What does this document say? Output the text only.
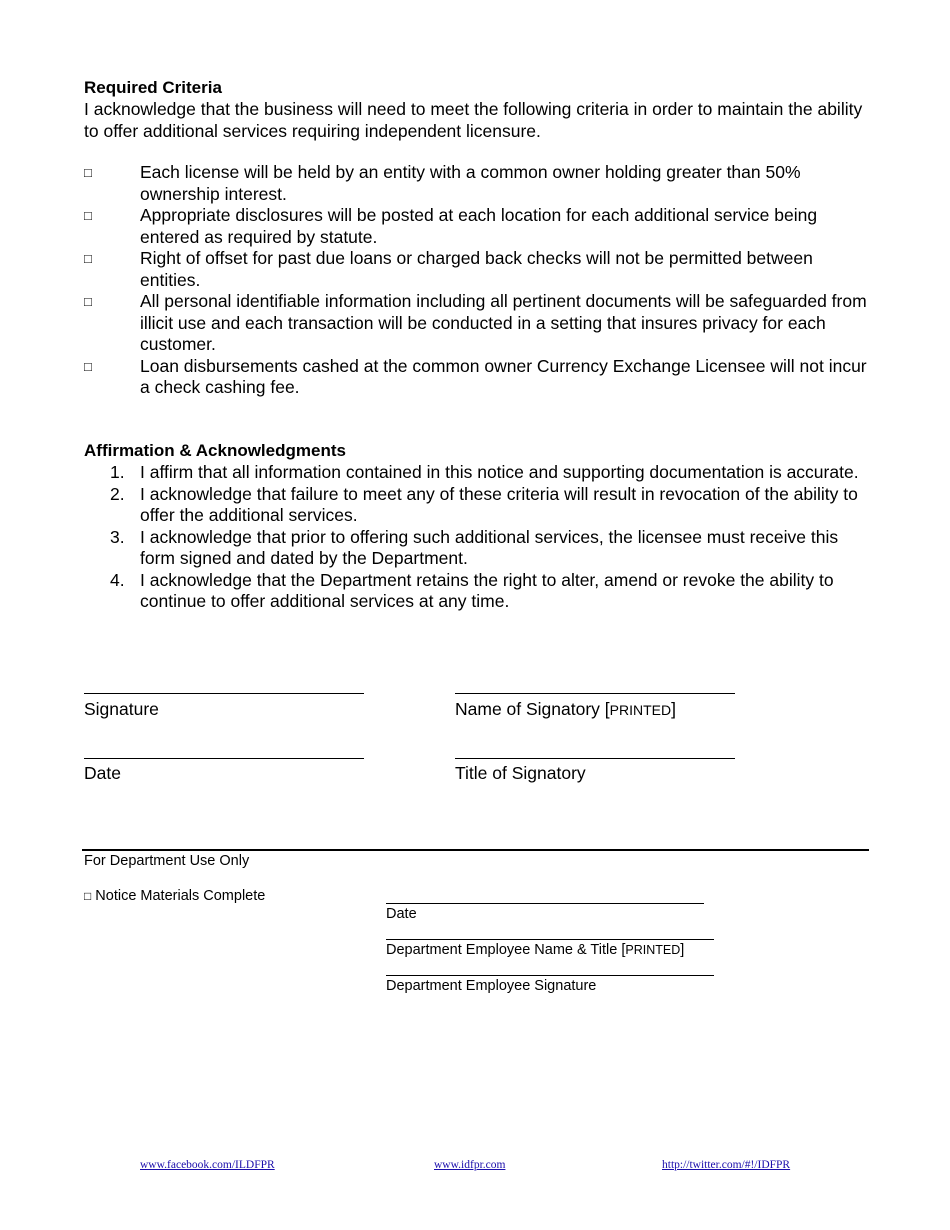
Required Criteria
I acknowledge that the business will need to meet the following criteria in order to maintain the ability to offer additional services requiring independent licensure.
□	Each license will be held by an entity with a common owner holding greater than 50% ownership interest.
□	Appropriate disclosures will be posted at each location for each additional service being entered as required by statute.
□	Right of offset for past due loans or charged back checks will not be permitted between entities.
□	All personal identifiable information including all pertinent documents will be safeguarded from illicit use and each transaction will be conducted in a setting that insures privacy for each customer.
□	Loan disbursements cashed at the common owner Currency Exchange Licensee will not incur a check cashing fee.
Affirmation & Acknowledgments
1. I affirm that all information contained in this notice and supporting documentation is accurate.
2. I acknowledge that failure to meet any of these criteria will result in revocation of the ability to offer the additional services.
3. I acknowledge that prior to offering such additional services, the licensee must receive this form signed and dated by the Department.
4. I acknowledge that the Department retains the right to alter, amend or revoke the ability to continue to offer additional services at any time.
Signature	Name of Signatory [PRINTED]
Date	Title of Signatory
For Department Use Only
□ Notice Materials Complete
Date
Department Employee Name & Title [PRINTED]
Department Employee Signature
www.facebook.com/ILDFPR	www.idfpr.com	http://twitter.com/#!/IDFPR
